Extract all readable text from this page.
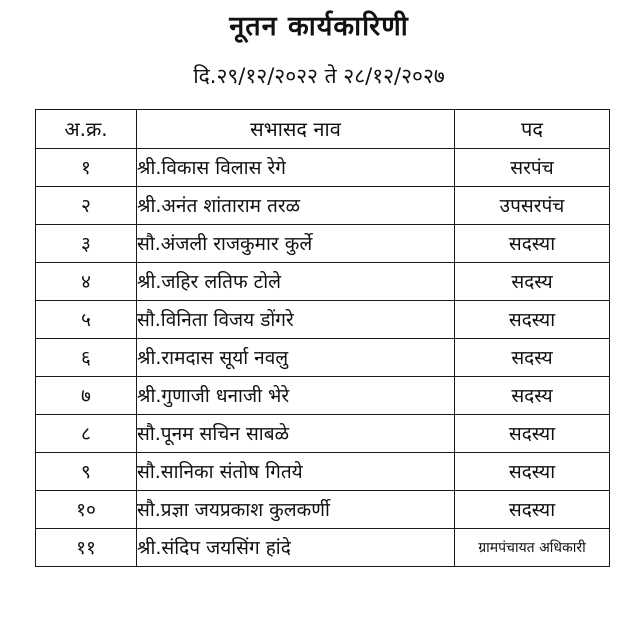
नूतन कार्यकारिणी
दि.२९/१२/२०२२ ते २८/१२/२०२७
अ.क्र.	सभासद नाव	पद
१	श्री.विकास विलास रेगे	सरपंच
२	श्री.अनंत शांताराम तरळ	उपसरपंच
३	सौ.अंजली राजकुमार कुर्ले	सदस्या
४	श्री.जहिर लतिफ टोले	सदस्य
५	सौ.विनिता विजय डोंगरे	सदस्या
६	श्री.रामदास सूर्या नवलु	सदस्य
७	श्री.गुणाजी धनाजी भेरे	सदस्य
८	सौ.पूनम सचिन साबळे	सदस्या
९	सौ.सानिका संतोष गितये	सदस्या
१०	सौ.प्रज्ञा जयप्रकाश कुलकर्णी	सदस्या
११	श्री.संदिप जयसिंग हांदे	ग्रामपंचायत अधिकारी
